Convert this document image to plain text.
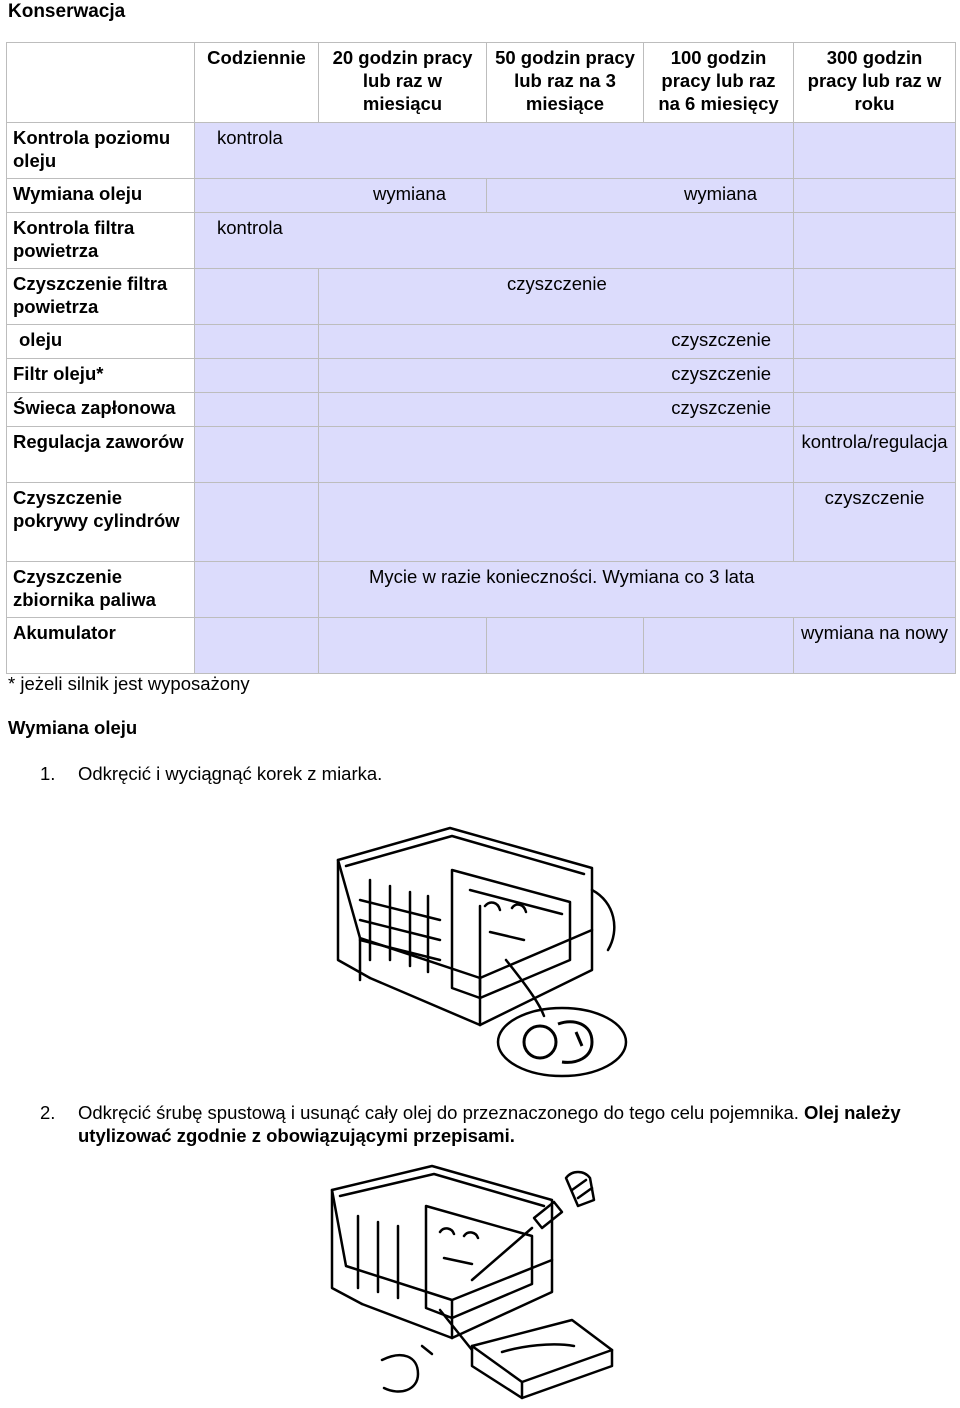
Konserwacja
	Codziennie	20 godzin pracy lub raz w miesiącu	50 godzin pracy lub raz na 3 miesiące	100 godzin pracy lub raz na 6 miesięcy	300 godzin pracy lub raz w roku
Kontrola poziomu oleju	kontrola				
Wymiana oleju	wymiana		wymiana		
Kontrola filtra powietrza	kontrola				
Czyszczenie filtra powietrza		czyszczenie			
oleju		czyszczenie			
Filtr oleju*		czyszczenie			
Świeca zapłonowa		czyszczenie			
Regulacja zaworów					kontrola/regulacja
Czyszczenie pokrywy cylindrów					czyszczenie
Czyszczenie zbiornika paliwa		Mycie w razie konieczności. Wymiana co 3 lata			
Akumulator					wymiana na nowy
* jeżeli silnik jest wyposażony
Wymiana oleju
1.	Odkręcić i wyciągnąć korek z miarka.
2.	Odkręcić śrubę spustową i usunąć cały olej do przeznaczonego do tego celu pojemnika. Olej należy utylizować zgodnie z obowiązującymi przepisami.
